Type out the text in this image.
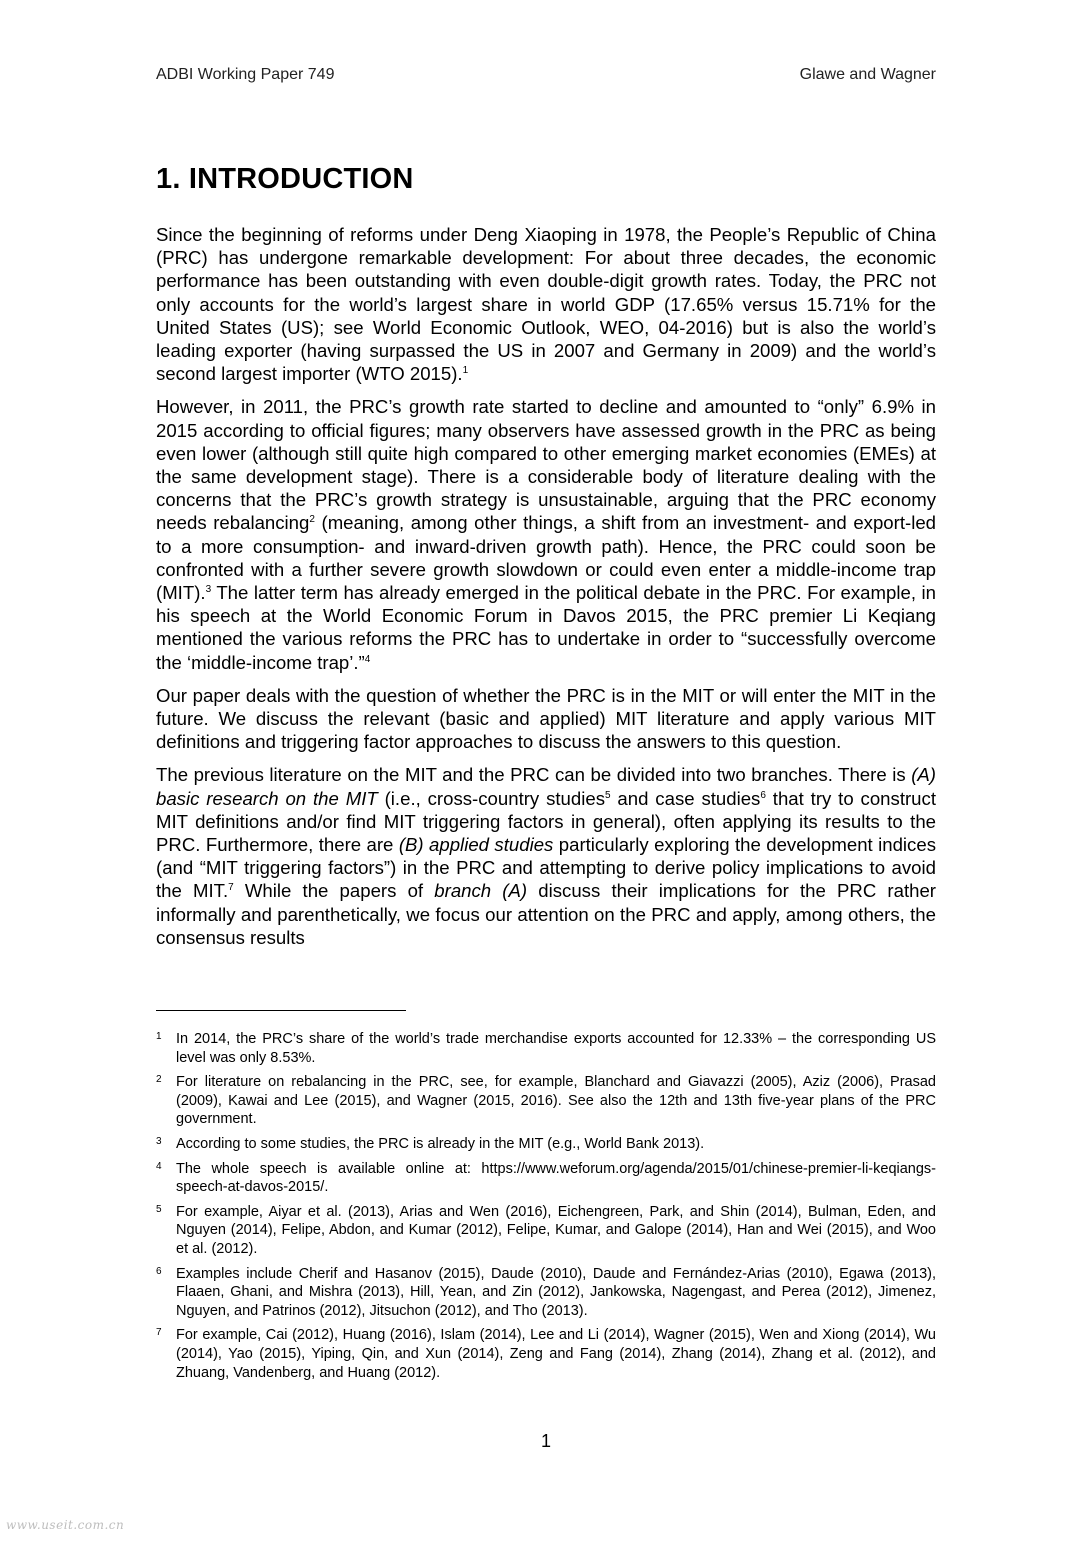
ADBI Working Paper 749	Glawe and Wagner
1. INTRODUCTION

Since the beginning of reforms under Deng Xiaoping in 1978, the People’s Republic of China (PRC) has undergone remarkable development: For about three decades, the economic performance has been outstanding with even double-digit growth rates. Today, the PRC not only accounts for the world’s largest share in world GDP (17.65% versus 15.71% for the United States (US); see World Economic Outlook, WEO, 04-2016) but is also the world’s leading exporter (having surpassed the US in 2007 and Germany in 2009) and the world’s second largest importer (WTO 2015).$^1$

However, in 2011, the PRC’s growth rate started to decline and amounted to “only” 6.9% in 2015 according to official figures; many observers have assessed growth in the PRC as being even lower (although still quite high compared to other emerging market economies (EMEs) at the same development stage). There is a considerable body of literature dealing with the concerns that the PRC’s growth strategy is unsustainable, arguing that the PRC economy needs rebalancing$^2$ (meaning, among other things, a shift from an investment- and export-led to a more consumption- and inward-driven growth path). Hence, the PRC could soon be confronted with a further severe growth slowdown or could even enter a middle-income trap (MIT).$^3$ The latter term has already emerged in the political debate in the PRC. For example, in his speech at the World Economic Forum in Davos 2015, the PRC premier Li Keqiang mentioned the various reforms the PRC has to undertake in order to “successfully overcome the ‘middle-income trap’.”$^4$

Our paper deals with the question of whether the PRC is in the MIT or will enter the MIT in the future. We discuss the relevant (basic and applied) MIT literature and apply various MIT definitions and triggering factor approaches to discuss the answers to this question.

The previous literature on the MIT and the PRC can be divided into two branches. There is (A) basic research on the MIT (i.e., cross-country studies$^5$ and case studies$^6$ that try to construct MIT definitions and/or find MIT triggering factors in general), often applying its results to the PRC. Furthermore, there are (B) applied studies particularly exploring the development indices (and “MIT triggering factors”) in the PRC and attempting to derive policy implications to avoid the MIT.$^7$ While the papers of branch (A) discuss their implications for the PRC rather informally and parenthetically, we focus our attention on the PRC and apply, among others, the consensus results

1 In 2014, the PRC’s share of the world’s trade merchandise exports accounted for 12.33% – the corresponding US level was only 8.53%.
2 For literature on rebalancing in the PRC, see, for example, Blanchard and Giavazzi (2005), Aziz (2006), Prasad (2009), Kawai and Lee (2015), and Wagner (2015, 2016). See also the 12th and 13th five-year plans of the PRC government.
3 According to some studies, the PRC is already in the MIT (e.g., World Bank 2013).
4 The whole speech is available online at: https://www.weforum.org/agenda/2015/01/chinese-premier-li-keqiangs-speech-at-davos-2015/.
5 For example, Aiyar et al. (2013), Arias and Wen (2016), Eichengreen, Park, and Shin (2014), Bulman, Eden, and Nguyen (2014), Felipe, Abdon, and Kumar (2012), Felipe, Kumar, and Galope (2014), Han and Wei (2015), and Woo et al. (2012).
6 Examples include Cherif and Hasanov (2015), Daude (2010), Daude and Fernández-Arias (2010), Egawa (2013), Flaaen, Ghani, and Mishra (2013), Hill, Yean, and Zin (2012), Jankowska, Nagengast, and Perea (2012), Jimenez, Nguyen, and Patrinos (2012), Jitsuchon (2012), and Tho (2013).
7 For example, Cai (2012), Huang (2016), Islam (2014), Lee and Li (2014), Wagner (2015), Wen and Xiong (2014), Wu (2014), Yao (2015), Yiping, Qin, and Xun (2014), Zeng and Fang (2014), Zhang (2014), Zhang et al. (2012), and Zhuang, Vandenberg, and Huang (2012).
1
www.useit.com.cn
